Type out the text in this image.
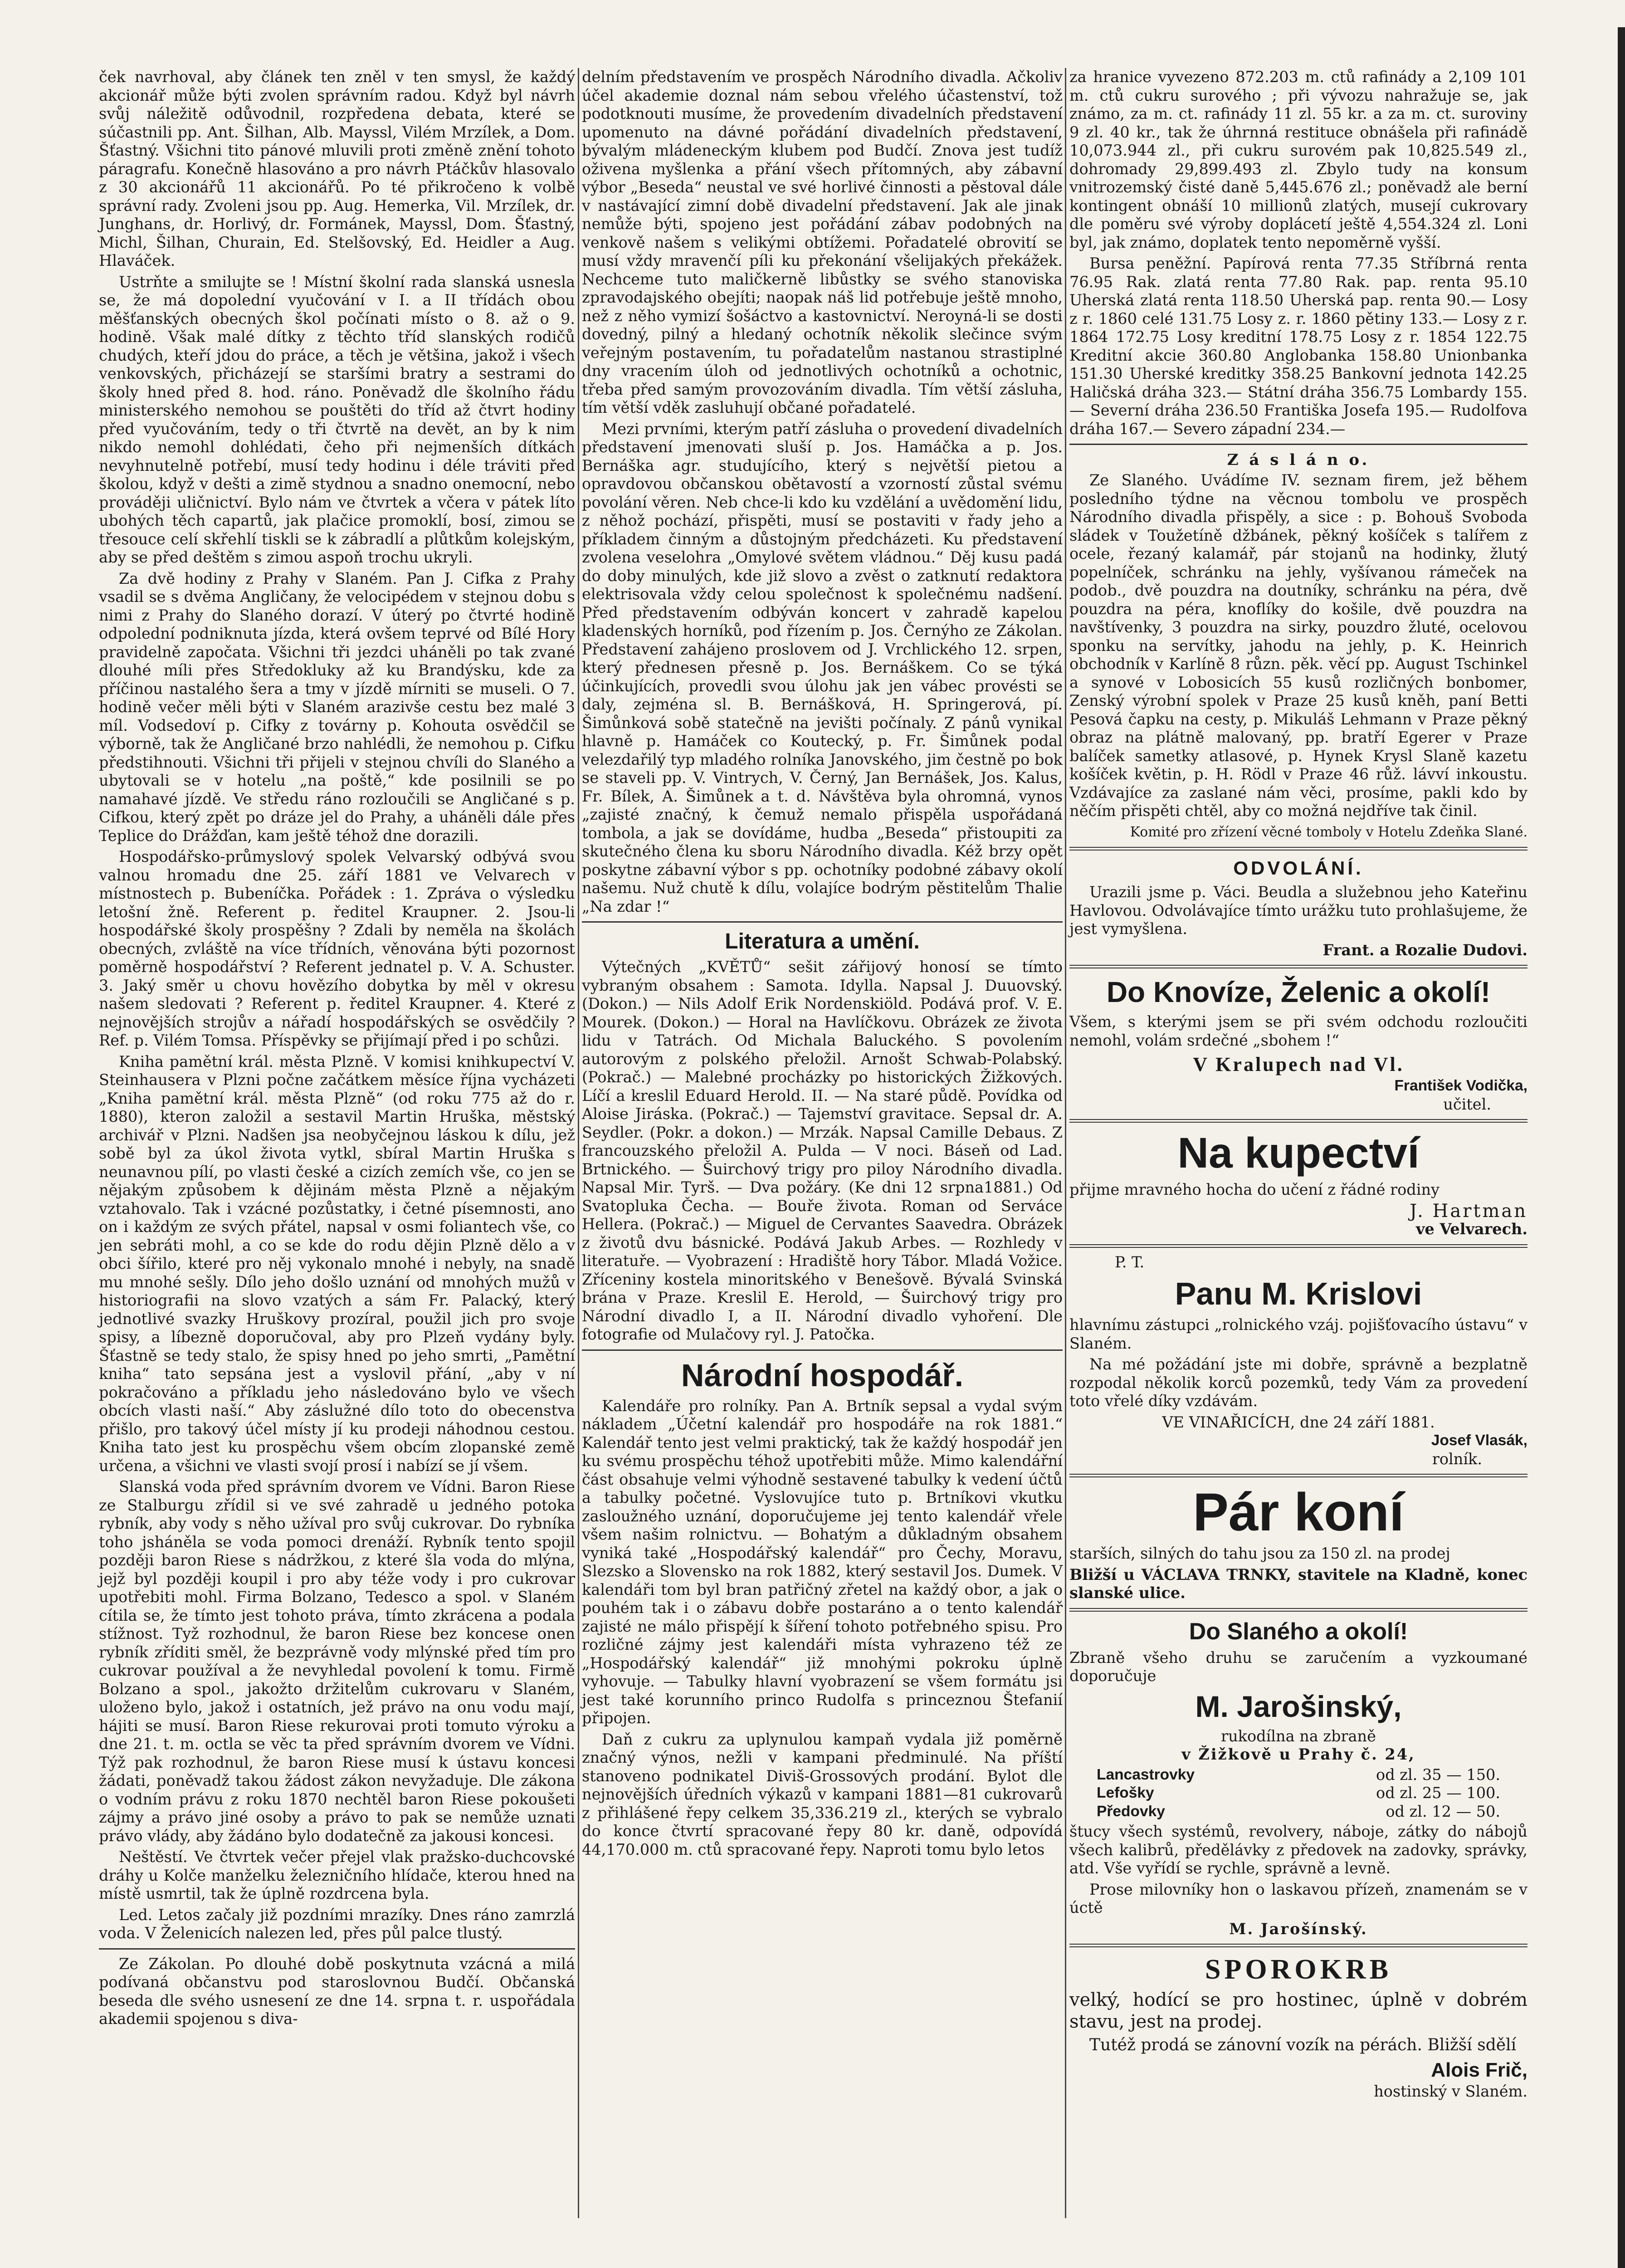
ček navrhoval, aby článek ten zněl v ten smysl, že každý akcionář může býti zvolen správním radou. Když byl návrh svůj náležitě odůvodnil, rozpředena debata, které se súčastnili pp. Ant. Šilhan, Alb. Mayssl, Vilém Mrzílek, a Dom. Šťastný. Všichni tito pánové mluvili proti změně znění tohoto páragrafu. Konečně hlasováno a pro návrh Ptáčkův hlasovalo z 30 akcionářů 11 akcionářů. Po té přikročeno k volbě správní rady. Zvoleni jsou pp. Aug. Hemerka, Vil. Mrzílek, dr. Junghans, dr. Horlivý, dr. Formánek, Mayssl, Dom. Šťastný, Michl, Šilhan, Churain, Ed. Stelšovský, Ed. Heidler a Aug. Hlaváček.

Ustrňte a smilujte se ! Místní školní rada slanská usnesla se, že má dopolední vyučování v I. a II třídách obou měšťanských obecných škol počínati místo o 8. až o 9. hodině. Však malé dítky z těchto tříd slanských rodičů chudých, kteří jdou do práce, a těch je většina, jakož i všech venkovských, přicházejí se staršími bratry a sestrami do školy hned před 8. hod. ráno. Poněvadž dle školního řádu ministerského nemohou se pouštěti do tříd až čtvrt hodiny před vyučováním, tedy o tři čtvrtě na devět, an by k nim nikdo nemohl dohlédati, čeho při nejmenších dítkách nevyhnutelně potřebí, musí tedy hodinu i déle tráviti před školou, když v dešti a zimě stydnou a snadno onemocní, nebo prováději uličnictví. Bylo nám ve čtvrtek a včera v pátek líto ubohých těch capartů, jak plačice promoklí, bosí, zimou se třesouce celí skřehlí tiskli se k zábradlí a plůtkům kolejským, aby se před deštěm s zimou aspoň trochu ukryli.

Za dvě hodiny z Prahy v Slaném. Pan J. Cifka z Prahy vsadil se s dvěma Angličany, že velocipédem v stejnou dobu s nimi z Prahy do Slaného dorazí. V úterý po čtvrté hodině odpolední podniknuta jízda, která ovšem teprvé od Bílé Hory pravidelně započata. Všichni tři jezdci uháněli po tak zvané dlouhé míli přes Středokluky až ku Brandýsku, kde za příčinou nastalého šera a tmy v jízdě mírniti se museli. O 7. hodině večer měli býti v Slaném arazivše cestu bez malé 3 míl. Vodsedoví p. Cifky z továrny p. Kohouta osvědčil se výborně, tak že Angličané brzo nahlédli, že nemohou p. Cifku předstihnouti. Všichni tři přijeli v stejnou chvíli do Slaného a ubytovali se v hotelu „na poště,“ kde posilnili se po namahavé jízdě. Ve středu ráno rozloučili se Angličané s p. Cifkou, který zpět po dráze jel do Prahy, a uháněli dále přes Teplice do Drážďan, kam ještě téhož dne dorazili.

Hospodářsko-průmyslový spolek Velvarský odbývá svou valnou hromadu dne 25. září 1881 ve Velvarech v místnostech p. Bubeníčka. Pořádek : 1. Zpráva o výsledku letošní žně. Referent p. ředitel Kraupner. 2. Jsou-li hospodářské školy prospěšny ? Zdali by neměla na školách obecných, zvláště na více třídních, věnována býti pozornost poměrně hospodářství ? Referent jednatel p. V. A. Schuster. 3. Jaký směr u chovu hovězího dobytka by měl v okresu našem sledovati ? Referent p. ředitel Kraupner. 4. Které z nejnovějších strojův a nářadí hospodářských se osvědčily ? Ref. p. Vilém Tomsa. Příspěvky se přijímají před i po schůzi.

Kniha pamětní král. města Plzně. V komisi knihkupectví V. Steinhausera v Plzni počne začátkem měsíce října vycházeti „Kniha pamětní král. města Plzně“ (od roku 775 až do r. 1880), kteron založil a sestavil Martin Hruška, městský archivář v Plzni. Nadšen jsa neobyčejnou láskou k dílu, jež sobě byl za úkol života vytkl, sbíral Martin Hruška s neunavnou pílí, po vlasti české a cizích zemích vše, co jen se nějakým způsobem k dějinám města Plzně a nějakým vztahovalo. Tak i vzácné pozůstatky, i četné písemnosti, ano on i každým ze svých přátel, napsal v osmi foliantech vše, co jen sebráti mohl, a co se kde do rodu dějin Plzně dělo a v obci šířilo, které pro něj vykonalo mnohé i nebyly, na snadě mu mnohé sešly. Dílo jeho došlo uznání od mnohých mužů v historiografii na slovo vzatých a sám Fr. Palacký, který jednotlivé svazky Hruškovy prozíral, použil jich pro svoje spisy, a líbezně doporučoval, aby pro Plzeň vydány byly. Šťastně se tedy stalo, že spisy hned po jeho smrti, „Pamětní kniha“ tato sepsána jest a vyslovil přání, „aby v ní pokračováno a příkladu jeho následováno bylo ve všech obcích vlasti naší.“ Aby záslužné dílo toto do obecenstva přišlo, pro takový účel místy jí ku prodeji náhodnou cestou. Kniha tato jest ku prospěchu všem obcím zlopanské země určena, a všichni ve vlasti svojí prosí i nabízí se jí všem.

Slanská voda před správním dvorem ve Vídni. Baron Riese ze Stalburgu zřídil si ve své zahradě u jedného potoka rybník, aby vody s něho užíval pro svůj cukrovar. Do rybníka toho jsháněla se voda pomoci drenáží. Rybník tento spojil později baron Riese s nádržkou, z které šla voda do mlýna, jejž byl později koupil i pro aby téže vody i pro cukrovar upotřebiti mohl. Firma Bolzano, Tedesco a spol. v Slaném cítila se, že tímto jest tohoto práva, tímto zkrácena a podala stížnost. Tyž rozhodnul, že baron Riese bez koncese onen rybník zříditi směl, že bezprávně vody mlýnské před tím pro cukrovar používal a že nevyhledal povolení k tomu. Firmě Bolzano a spol., jakožto držitelům cukrovaru v Slaném, uloženo bylo, jakož i ostatních, jež právo na onu vodu mají, hájiti se musí. Baron Riese rekurovai proti tomuto výroku a dne 21. t. m. octla se věc ta před správním dvorem ve Vídni. Týž pak rozhodnul, že baron Riese musí k ústavu koncesi žádati, poněvadž takou žádost zákon nevyžaduje. Dle zákona o vodním právu z roku 1870 nechtěl baron Riese pokoušeti zájmy a právo jiné osoby a právo to pak se nemůže uznati právo vlády, aby žádáno bylo dodatečně za jakousi koncesi.

Neštěstí. Ve čtvrtek večer přejel vlak pražsko-duchcovské dráhy u Kolče manželku železničního hlídače, kterou hned na místě usmrtil, tak že úplně rozdrcena byla.

Led. Letos začaly již pozdními mrazíky. Dnes ráno zamrzlá voda. V Želenicích nalezen led, přes půl palce tlustý.

Ze Zákolan. Po dlouhé době poskytnuta vzácná a milá podívaná občanstvu pod staroslovnou Budčí. Občanská beseda dle svého usnesení ze dne 14. srpna t. r. uspořádala akademii spojenou s diva-

delním představením ve prospěch Národního divadla. Ačkoliv účel akademie doznal nám sebou vřelého účastenství, tož podotknouti musíme, že provedením divadelních představení upomenuto na dávné pořádání divadelních představení, bývalým mládeneckým klubem pod Budčí. Znova jest tudíž oživena myšlenka a přání všech přítomných, aby zábavní výbor „Beseda“ neustal ve své horlivé činnosti a pěstoval dále v nastávající zimní době divadelní představení. Jak ale jinak nemůže býti, spojeno jest pořádání zábav podobných na venkově našem s velikými obtížemi. Pořadatelé obrovití se musí vždy mravenčí píli ku překonání všelijakých překážek. Nechceme tuto maličkerně libůstky se svého stanoviska zpravodajského obejíti; naopak náš lid potřebuje ještě mnoho, než z něho vymizí šošáctvo a kastovnictví. Neroyná-li se dosti dovedný, pilný a hledaný ochotník několik slečince svým veřejným postavením, tu pořadatelům nastanou strastiplné dny vracením úloh od jednotlivých ochotníků a ochotnic, třeba před samým provozováním divadla. Tím větší zásluha, tím větší vděk zasluhují občané pořadatelé.

Mezi prvními, kterým patří zásluha o provedení divadelních představení jmenovati sluší p. Jos. Hamáčka a p. Jos. Bernáška agr. studujícího, který s největší pietou a opravdovou občanskou obětavostí a vzorností zůstal svému povolání věren. Neb chce-li kdo ku vzdělání a uvědomění lidu, z něhož pochází, přispěti, musí se postaviti v řady jeho a příkladem činným a důstojným předcházeti. Ku představení zvolena veselohra „Omylové světem vládnou.“ Děj kusu padá do doby minulých, kde již slovo a zvěst o zatknutí redaktora elektrisovala vždy celou společnost k společnému nadšení. Před představením odbýván koncert v zahradě kapelou kladenských horníků, pod řízením p. Jos. Černýho ze Zákolan. Představení zahájeno proslovem od J. Vrchlického 12. srpen, který přednesen přesně p. Jos. Bernáškem. Co se týká účinkujících, provedli svou úlohu jak jen vábec provésti se daly, zejména sl. B. Bernášková, H. Springerová, pí. Šimůnková sobě statečně na jevišti počínaly. Z pánů vynikal hlavně p. Hamáček co Koutecký, p. Fr. Šimůnek podal velezdařilý typ mladého rolníka Janovského, jim čestně po bok se staveli pp. V. Vintrych, V. Černý, Jan Bernášek, Jos. Kalus, Fr. Bílek, A. Šimůnek a t. d. Návštěva byla ohromná, vynos „zajisté značný, k čemuž nemalo přispěla uspořádaná tombola, a jak se dovídáme, hudba „Beseda“ přistoupiti za skutečného člena ku sboru Národního divadla. Kéž brzy opět poskytne zábavní výbor s pp. ochotníky podobné zábavy okolí našemu. Nuž chutě k dílu, volajíce bodrým pěstitelům Thalie „Na zdar !“

Literatura a umění.

Výtečných „KVĚTŮ“ sešit zářijový honosí se tímto vybraným obsahem : Samota. Idylla. Napsal J. Duuovský. (Dokon.) — Nils Adolf Erik Nordenskiöld. Podává prof. V. E. Mourek. (Dokon.) — Horal na Havlíčkovu. Obrázek ze života lidu v Tatrách. Od Michala Baluckého. S povolením autorovým z polského přeložil. Arnošt Schwab-Polabský. (Pokrač.) — Malebné procházky po historických Žižkových. Líčí a kreslil Eduard Herold. II. — Na staré půdě. Povídka od Aloise Jiráska. (Pokrač.) — Tajemství gravitace. Sepsal dr. A. Seydler. (Pokr. a dokon.) — Mrzák. Napsal Camille Debaus. Z francouzského přeložil A. Pulda — V noci. Báseň od Lad. Brtnického. — Šuirchový trigy pro piloy Národního divadla. Napsal Mir. Tyrš. — Dva požáry. (Ke dni 12 srpna1881.) Od Svatopluka Čecha. — Bouře života. Roman od Serváce Hellera. (Pokrač.) — Miguel de Cervantes Saavedra. Obrázek z životů dvu básnické. Podává Jakub Arbes. — Rozhledy v literatuře. — Vyobrazení : Hradiště hory Tábor. Mladá Vožice. Zříceniny kostela minoritského v Benešově. Bývalá Svinská brána v Praze. Kreslil E. Herold, — Šuirchový trigy pro Národní divadlo I, a II. Národní divadlo vyhoření. Dle fotografie od Mulačovy ryl. J. Patočka.

Národní hospodář.

Kalendáře pro rolníky. Pan A. Brtník sepsal a vydal svým nákladem „Účetní kalendář pro hospodáře na rok 1881.“ Kalendář tento jest velmi praktický, tak že každý hospodář jen ku svému prospěchu téhož upotřebiti může. Mimo kalendářní část obsahuje velmi výhodně sestavené tabulky k vedení účtů a tabulky početné. Vyslovujíce tuto p. Brtníkovi vkutku zasloužného uznání, doporučujeme jej tento kalendář vřele všem našim rolnictvu. — Bohatým a důkladným obsahem vyniká také „Hospodářský kalendář“ pro Čechy, Moravu, Slezsko a Slovensko na rok 1882, který sestavil Jos. Dumek. V kalendáři tom byl bran patřičný zřetel na každý obor, a jak o pouhém tak i o zábavu dobře postaráno a o tento kalendář zajisté ne málo přispějí k šíření tohoto potřebného spisu. Pro rozličné zájmy jest kalendáři místa vyhrazeno též ze „Hospodářský kalendář“ již mnohými pokroku úplně vyhovuje. — Tabulky hlavní vyobrazení se všem formátu jsi jest také korunního princo Rudolfa s princeznou Štefanií připojen.

Daň z cukru za uplynulou kampaň vydala již poměrně značný výnos, nežli v kampani předminulé. Na příští stanoveno podnikatel Diviš-Grossových prodání. Bylot dle nejnovějších úředních výkazů v kampani 1881—81 cukrovarů z přihlášené řepy celkem 35,336.219 zl., kterých se vybralo do konce čtvrtí spracované řepy 80 kr. daně, odpovídá 44,170.000 m. ctů spracované řepy. Naproti tomu bylo letos

za hranice vyvezeno 872.203 m. ctů rafinády a 2,109 101 m. ctů cukru surového ; při vývozu nahražuje se, jak známo, za m. ct. rafinády 11 zl. 55 kr. a za m. ct. suroviny 9 zl. 40 kr., tak že úhrnná restituce obnášela při rafinádě 10,073.944 zl., při cukru surovém pak 10,825.549 zl., dohromady 29,899.493 zl. Zbylo tudy na konsum vnitrozemský čisté daně 5,445.676 zl.; poněvadž ale berní kontingent obnáší 10 millionů zlatých, musejí cukrovary dle poměru své výroby doplácetí ještě 4,554.324 zl. Loni byl, jak známo, doplatek tento nepoměrně vyšší.

Bursa peněžní. Papírová renta 77.35 Stříbrná renta 76.95 Rak. zlatá renta 77.80 Rak. pap. renta 95.10 Uherská zlatá renta 118.50 Uherská pap. renta 90.— Losy z r. 1860 celé 131.75 Losy z. r. 1860 pětiny 133.— Losy z r. 1864 172.75 Losy kreditní 178.75 Losy z r. 1854 122.75 Kreditní akcie 360.80 Anglobanka 158.80 Unionbanka 151.30 Uherské kreditky 358.25 Bankovní jednota 142.25 Haličská dráha 323.— Státní dráha 356.75 Lombardy 155. — Severní dráha 236.50 Františka Josefa 195.— Rudolfova dráha 167.— Severo západní 234.—

Z á s l á n o.

Ze Slaného. Uvádíme IV. seznam firem, jež během posledního týdne na věcnou tombolu ve prospěch Národního divadla přispěly, a sice : p. Bohouš Svoboda sládek v Toužetíně džbánek, pěkný košíček s talířem z ocele, řezaný kalamář, pár stojanů na hodinky, žlutý popelníček, schránku na jehly, vyšívanou rámeček na podob., dvě pouzdra na doutníky, schránku na péra, dvě pouzdra na péra, knoflíky do košile, dvě pouzdra na navštívenky, 3 pouzdra na sirky, pouzdro žluté, ocelovou sponku na servítky, jahodu na jehly, p. K. Heinrich obchodník v Karlíně 8 různ. pěk. věcí pp. August Tschinkel a synové v Lobosicích 55 kusů rozličných bonbomer, Zenský výrobní spolek v Praze 25 kusů kněh, paní Betti Pesová čapku na cesty, p. Mikuláš Lehmann v Praze pěkný obraz na plátně malovaný, pp. bratří Egerer v Praze balíček sametky atlasové, p. Hynek Krysl Slaně kazetu košíček květin, p. H. Rödl v Praze 46 růž. lávví inkoustu. Vzdávajíce za zaslané nám věci, prosíme, pakli kdo by něčím přispěti chtěl, aby co možná nejdříve tak činil.

Komité pro zřízení věcné tomboly v Hotelu Zdeňka Slané.

ODVOLÁNÍ.

Urazili jsme p. Váci. Beudla a služebnou jeho Kateřinu Havlovou. Odvolávajíce tímto urážku tuto prohlašujeme, že jest vymyšlena.

Frant. a Rozalie Dudovi.

Do Knovíze, Želenic a okolí!

Všem, s kterými jsem se při svém odchodu rozloučiti nemohl, volám srdečné „sbohem !“

V Kralupech nad Vl.

František Vodička,

učitel.

Na kupectví

přijme mravného hocha do učení z řádné rodiny

J. Hartman

ve Velvarech.

P. T.

Panu M. Krislovi

hlavnímu zástupci „rolnického vzáj. pojišťovacího ústavu“ v Slaném.

Na mé požádání jste mi dobře, správně a bezplatně rozpodal několik korců pozemků, tedy Vám za provedení toto vřelé díky vzdávám.

VE VINAŘICÍCH, dne 24 září 1881.

Josef Vlasák,

rolník.

Pár koní

starších, silných do tahu jsou za 150 zl. na prodej

Bližší u VÁCLAVA TRNKY, stavitele na Kladně, konec slanské ulice.

Do Slaného a okolí!

Zbraně všeho druhu se zaručením a vyzkoumané doporučuje

M. Jarošinský,

rukodílna na zbraně

v Žižkově u Prahy č. 24,

Lancastrovky	od zl. 35 — 150.
Lefošky	od zl. 25 — 100.
Předovky	od zl. 12 — 50.

štucy všech systémů, revolvery, náboje, zátky do nábojů všech kalibrů, předělávky z předovek na zadovky, správky, atd. Vše vyřídí se rychle, správně a levně.

Prose milovníky hon o laskavou přízeň, znamenám se v úctě

M. Jarošínský.

SPOROKRB

velký, hodící se pro hostinec, úplně v dobrém stavu, jest na prodej.

Tutéž prodá se zánovní vozík na pérách. Bližší sdělí

Alois Frič,

hostinský v Slaném.
